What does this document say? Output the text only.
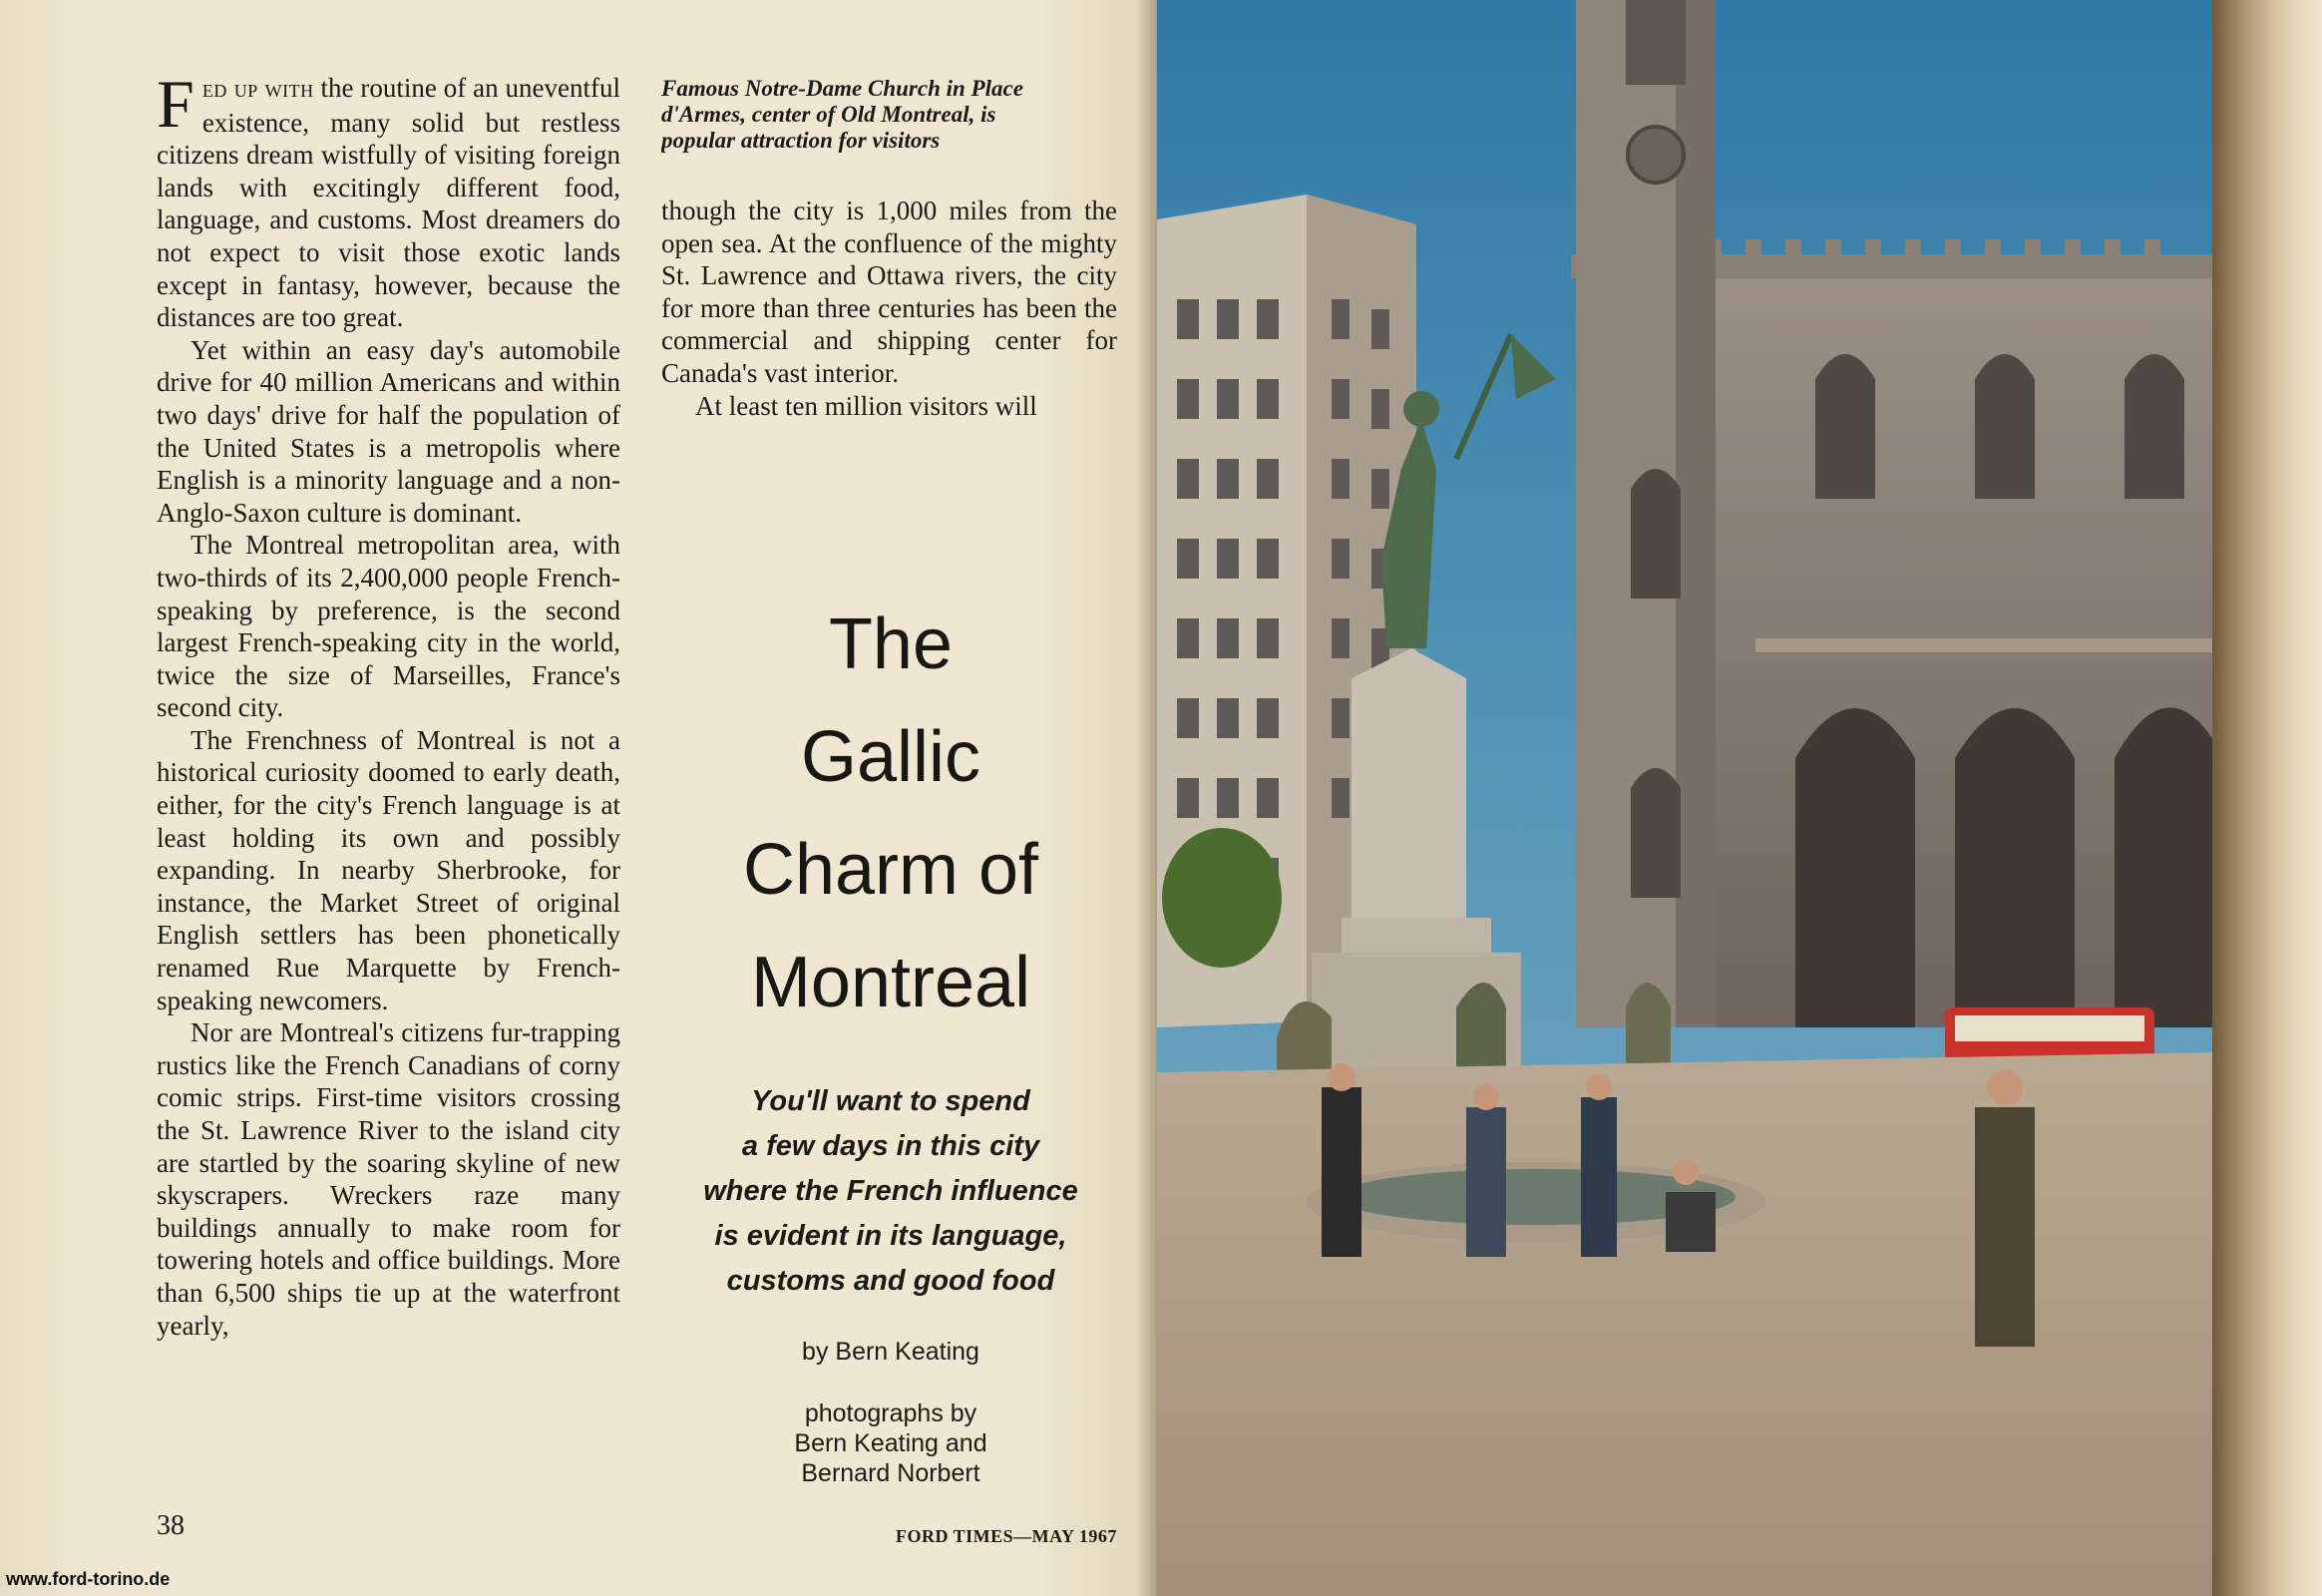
Fed up with the routine of an uneventful existence, many solid but restless citizens dream wistfully of visiting foreign lands with excitingly different food, language, and customs. Most dreamers do not expect to visit those exotic lands except in fantasy, however, because the distances are too great.

Yet within an easy day's automobile drive for 40 million Americans and within two days' drive for half the population of the United States is a metropolis where English is a minority language and a non-Anglo-Saxon culture is dominant.

The Montreal metropolitan area, with two-thirds of its 2,400,000 people French-speaking by preference, is the second largest French-speaking city in the world, twice the size of Marseilles, France's second city.

The Frenchness of Montreal is not a historical curiosity doomed to early death, either, for the city's French language is at least holding its own and possibly expanding. In nearby Sherbrooke, for instance, the Market Street of original English settlers has been phonetically renamed Rue Marquette by French-speaking newcomers.

Nor are Montreal's citizens fur-trapping rustics like the French Canadians of corny comic strips. First-time visitors crossing the St. Lawrence River to the island city are startled by the soaring skyline of new skyscrapers. Wreckers raze many buildings annually to make room for towering hotels and office buildings. More than 6,500 ships tie up at the waterfront yearly,

Famous Notre-Dame Church in Place
d'Armes, center of Old Montreal, is
popular attraction for visitors

though the city is 1,000 miles from the open sea. At the confluence of the mighty St. Lawrence and Ottawa rivers, the city for more than three centuries has been the commercial and shipping center for Canada's vast interior.

At least ten million visitors will

The
Gallic
Charm of
Montreal
You'll want to spend
a few days in this city
where the French influence
is evident in its language,
customs and good food
by Bern Keating
photographs by
Bern Keating and
Bernard Norbert
38	FORD TIMES—MAY 1967
www.ford-torino.de
